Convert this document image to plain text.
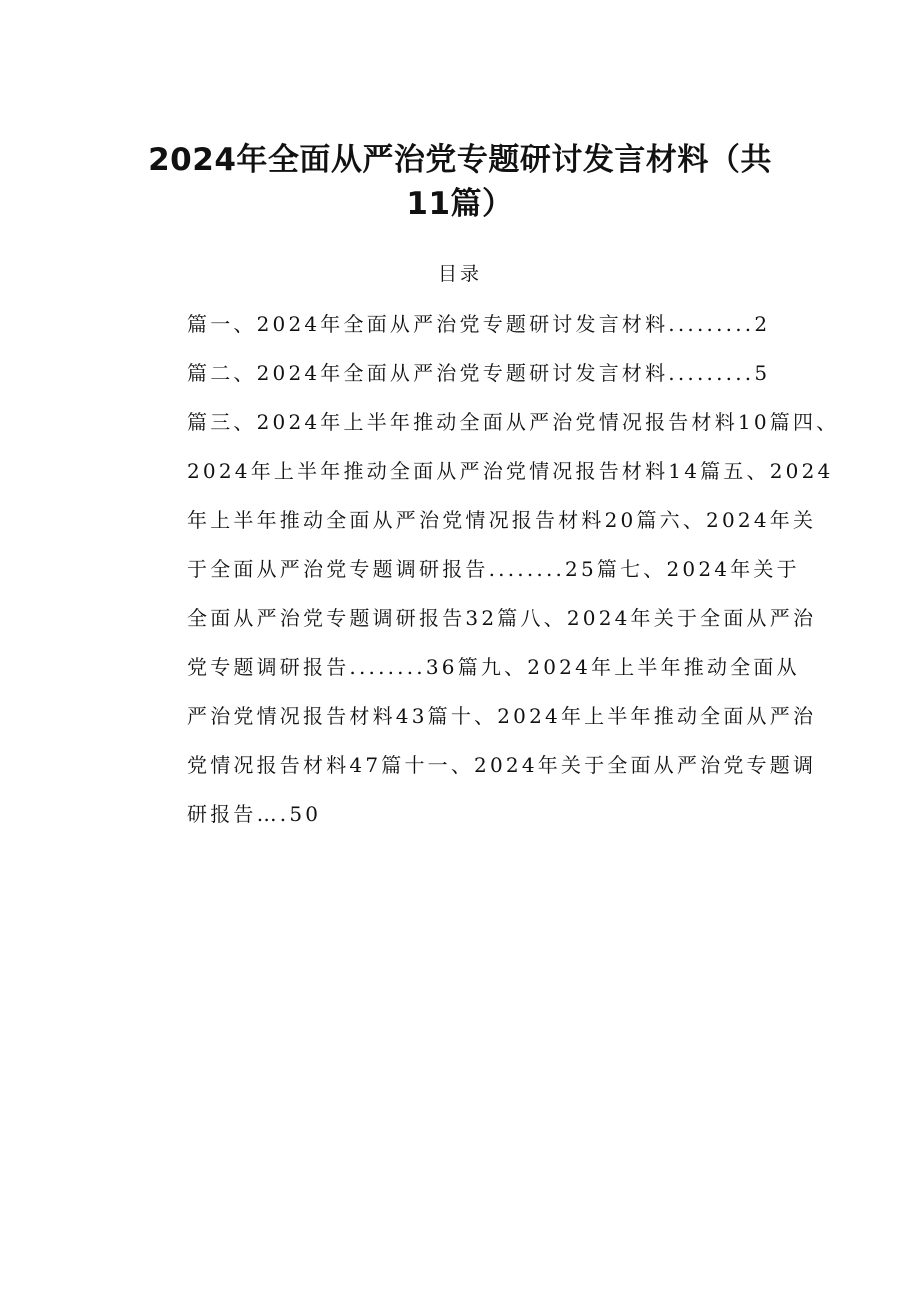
2024年全面从严治党专题研讨发言材料（共
11篇）
目录
篇一、2024年全面从严治党专题研讨发言材料.........2
篇二、2024年全面从严治党专题研讨发言材料.........5
篇三、2024年上半年推动全面从严治党情况报告材料10篇四、
2024年上半年推动全面从严治党情况报告材料14篇五、2024
年上半年推动全面从严治党情况报告材料20篇六、2024年关
于全面从严治党专题调研报告........25篇七、2024年关于
全面从严治党专题调研报告32篇八、2024年关于全面从严治
党专题调研报告........36篇九、2024年上半年推动全面从
严治党情况报告材料43篇十、2024年上半年推动全面从严治
党情况报告材料47篇十一、2024年关于全面从严治党专题调
研报告….50
